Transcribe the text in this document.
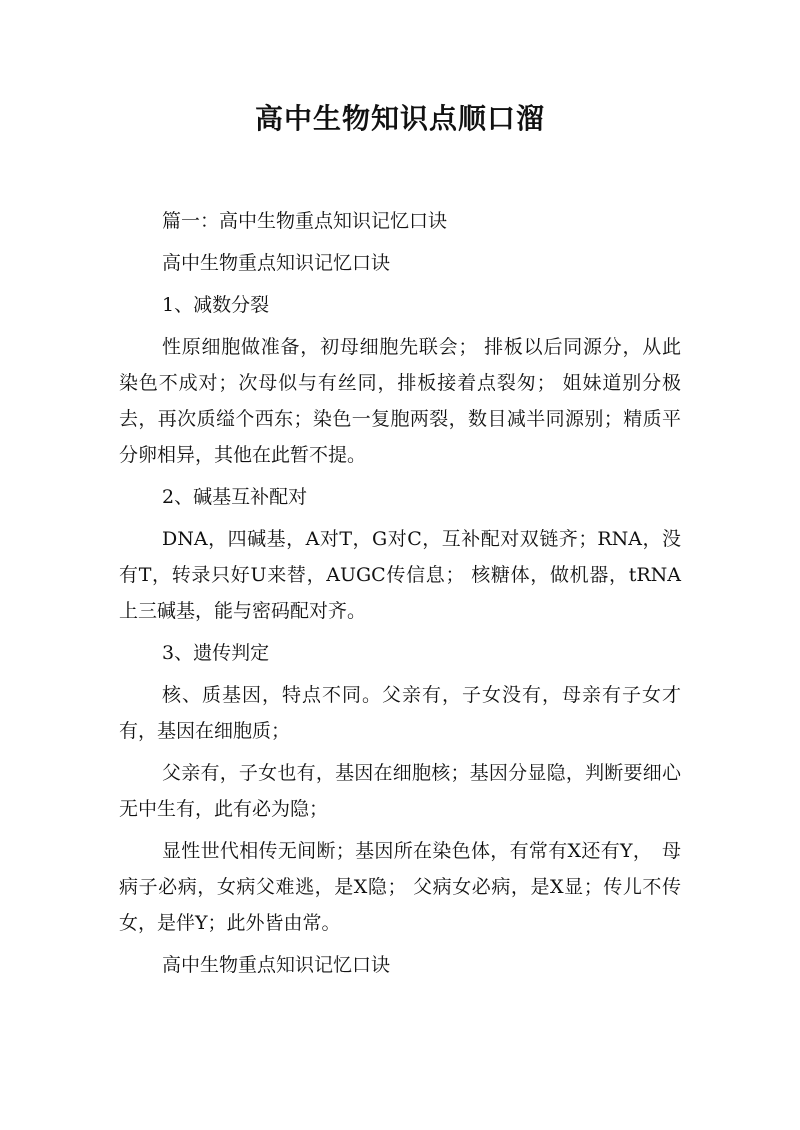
高中生物知识点顺口溜

篇一：高中生物重点知识记忆口诀

高中生物重点知识记忆口诀

1、减数分裂

性原细胞做准备，初母细胞先联会； 排板以后同源分，从此染色不成对；次母似与有丝同，排板接着点裂匆； 姐妹道别分极去，再次质缢个西东；染色一复胞两裂，数目减半同源别；精质平分卵相异，其他在此暂不提。

2、碱基互补配对

DNA，四碱基，A对T，G对C，互补配对双链齐；RNA，没有T，转录只好U来替，AUGC传信息； 核糖体，做机器，tRNA上三碱基，能与密码配对齐。

3、遗传判定

核、质基因，特点不同。父亲有，子女没有，母亲有子女才有，基因在细胞质；

父亲有，子女也有，基因在细胞核；基因分显隐，判断要细心　无中生有，此有必为隐；

显性世代相传无间断；基因所在染色体，有常有X还有Y，　母病子必病，女病父难逃，是X隐； 父病女必病，是X显；传儿不传女，是伴Y；此外皆由常。

高中生物重点知识记忆口诀
